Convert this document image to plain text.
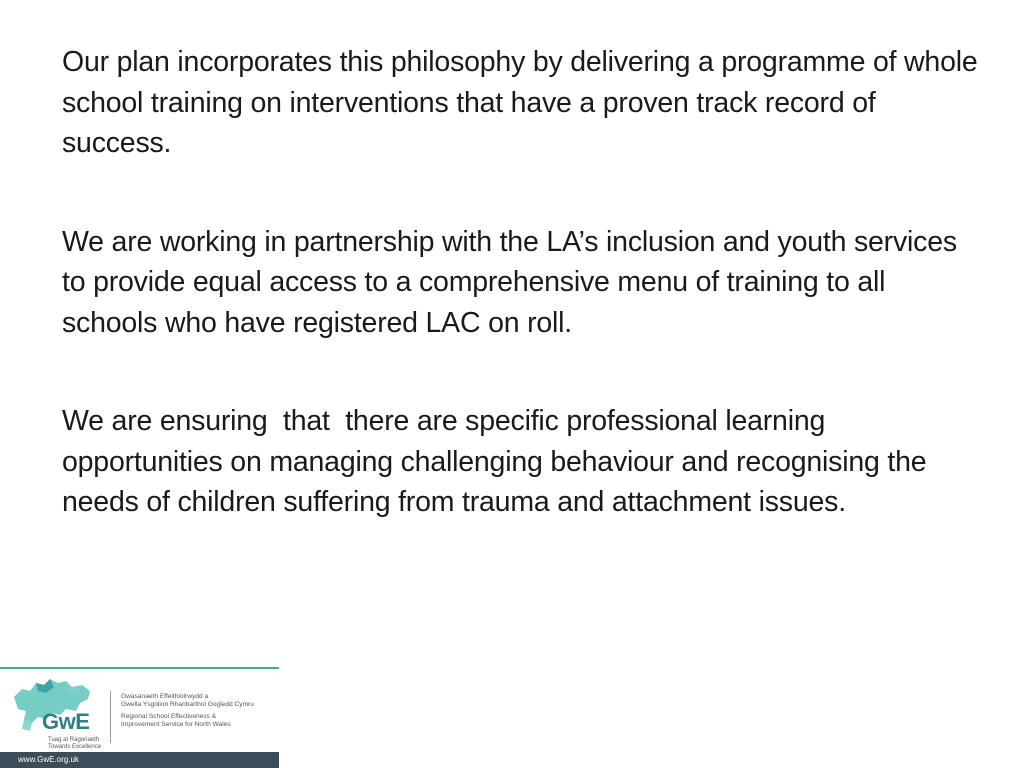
Our plan incorporates this philosophy by delivering a programme of whole school training on interventions that have a proven track record of success.

We are working in partnership with the LA’s inclusion and youth services to provide equal access to a comprehensive menu of training to all schools who have registered LAC on roll.

We are ensuring  that  there are specific professional learning opportunities on managing challenging behaviour and recognising the needs of children suffering from trauma and attachment issues.

GwE
Tuag at Ragoriaeth Towards Excellence
Gwasanaeth Effeithiolrwydd a
Gwella Ysgolion Rhanbarthol Gogledd Cymru
Regional School Effectiveness &
Improvement Service for North Wales
www.GwE.org.uk
